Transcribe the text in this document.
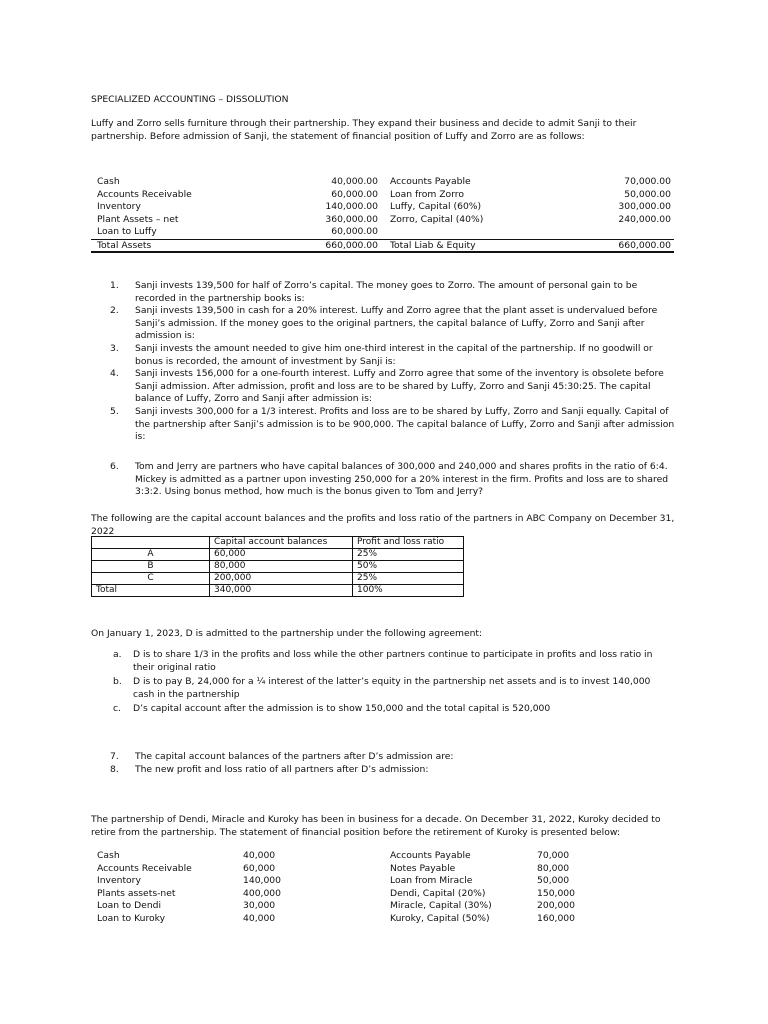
SPECIALIZED ACCOUNTING – DISSOLUTION
Luffy and Zorro sells furniture through their partnership. They expand their business and decide to admit Sanji to their partnership. Before admission of Sanji, the statement of financial position of Luffy and Zorro are as follows:
Cash	40,000.00 Accounts Payable	70,000.00
Accounts Receivable	60,000.00 Loan from Zorro	50,000.00
Inventory	140,000.00 Luffy, Capital (60%)	300,000.00
Plant Assets – net	360,000.00 Zorro, Capital (40%)	240,000.00
Loan to Luffy	60,000.00
Total Assets	660,000.00 Total Liab & Equity	660,000.00
1. Sanji invests 139,500 for half of Zorro’s capital. The money goes to Zorro. The amount of personal gain to be recorded in the partnership books is:
2. Sanji invests 139,500 in cash for a 20% interest. Luffy and Zorro agree that the plant asset is undervalued before Sanji’s admission. If the money goes to the original partners, the capital balance of Luffy, Zorro and Sanji after admission is:
3. Sanji invests the amount needed to give him one-third interest in the capital of the partnership. If no goodwill or bonus is recorded, the amount of investment by Sanji is:
4. Sanji invests 156,000 for a one-fourth interest. Luffy and Zorro agree that some of the inventory is obsolete before Sanji admission. After admission, profit and loss are to be shared by Luffy, Zorro and Sanji 45:30:25. The capital balance of Luffy, Zorro and Sanji after admission is:
5. Sanji invests 300,000 for a 1/3 interest. Profits and loss are to be shared by Luffy, Zorro and Sanji equally. Capital of the partnership after Sanji’s admission is to be 900,000. The capital balance of Luffy, Zorro and Sanji after admission is:
6. Tom and Jerry are partners who have capital balances of 300,000 and 240,000 and shares profits in the ratio of 6:4. Mickey is admitted as a partner upon investing 250,000 for a 20% interest in the firm. Profits and loss are to shared 3:3:2. Using bonus method, how much is the bonus given to Tom and Jerry?
The following are the capital account balances and the profits and loss ratio of the partners in ABC Company on December 31, 2022
	Capital account balances	Profit and loss ratio
A	60,000	25%
B	80,000	50%
C	200,000	25%
Total	340,000	100%
On January 1, 2023, D is admitted to the partnership under the following agreement:
a. D is to share 1/3 in the profits and loss while the other partners continue to participate in profits and loss ratio in their original ratio
b. D is to pay B, 24,000 for a ¼ interest of the latter’s equity in the partnership net assets and is to invest 140,000 cash in the partnership
c. D’s capital account after the admission is to show 150,000 and the total capital is 520,000
7. The capital account balances of the partners after D’s admission are:
8. The new profit and loss ratio of all partners after D’s admission:
The partnership of Dendi, Miracle and Kuroky has been in business for a decade. On December 31, 2022, Kuroky decided to retire from the partnership. The statement of financial position before the retirement of Kuroky is presented below:
Cash	40,000	Accounts Payable	70,000
Accounts Receivable	60,000	Notes Payable	80,000
Inventory	140,000	Loan from Miracle	50,000
Plants assets-net	400,000	Dendi, Capital (20%)	150,000
Loan to Dendi	30,000	Miracle, Capital (30%)	200,000
Loan to Kuroky	40,000	Kuroky, Capital (50%)	160,000
